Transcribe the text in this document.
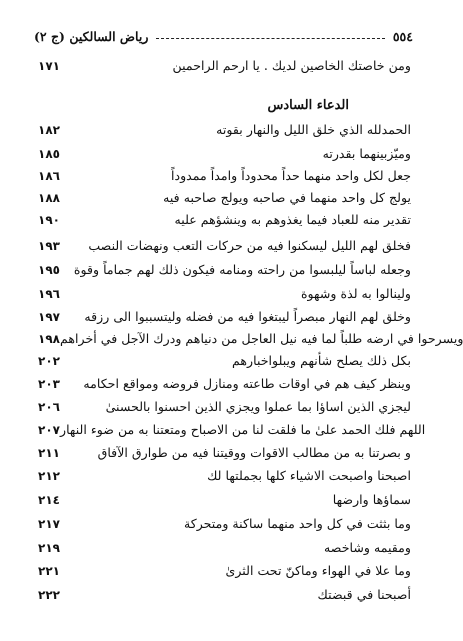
٥٥٤
رياض السالكين (ج ٢)
١٧١	ومن خاصتك الخاصين لديك . يا ارحم الراحمين
الدعاء السادس
١٨٢	الحمدلله الذي خلق الليل والنهار بقوته
١٨٥	وميّزبينهما بقدرته
١٨٦	جعل لكل واحد منهما حداً محدوداً وامداً ممدوداً
١٨٨	يولج كل واحد منهما في صاحبه ويولج صاحبه فيه
١٩٠	تقدير منه للعباد فيما يغذوهم به وينشؤهم عليه
١٩٣	فخلق لهم الليل ليسكنوا فيه من حركات التعب ونهضات النصب
١٩٥	وجعله لباساً ليلبسوا من راحته ومنامه فيكون ذلك لهم جماماً وقوة
١٩٦	ولينالوا به لذة وشهوة
١٩٧	وخلق لهم النهار مبصراً ليبتغوا فيه من فضله وليتسببوا الى رزقه
١٩٨ ويسرحوا في ارضه طلباً لما فيه نيل العاجل من دنياهم ودرك الآجل في أخراهم
٢٠٢	بكل ذلك يصلح شأنهم ويبلواخبارهم
٢٠٣	وينظر كيف هم في اوقات طاعته ومنازل فروضه ومواقع احكامه
٢٠٦	ليجزي الذين اساؤا بما عملوا ويجزي الذين احسنوا بالحسنىٰ
٢٠٧ اللهم فلك الحمد علىٰ ما فلقت لنا من الاصباح ومتعتنا به من ضوء النهار
٢١١	و بصرتنا به من مطالب الاقوات ووقيتنا فيه من طوارق الآفاق
٢١٢	اصبحنا واصبحت الاشياء كلها بجملتها لك
٢١٤	سماؤها وارضها
٢١٧	وما بثثت في كل واحد منهما ساكنة ومتحركة
٢١٩	ومقيمه وشاخصه
٢٢١	وما علا في الهواء وماكنّ تحت الثرىٰ
٢٢٢	أصبحنا في قبضتك
